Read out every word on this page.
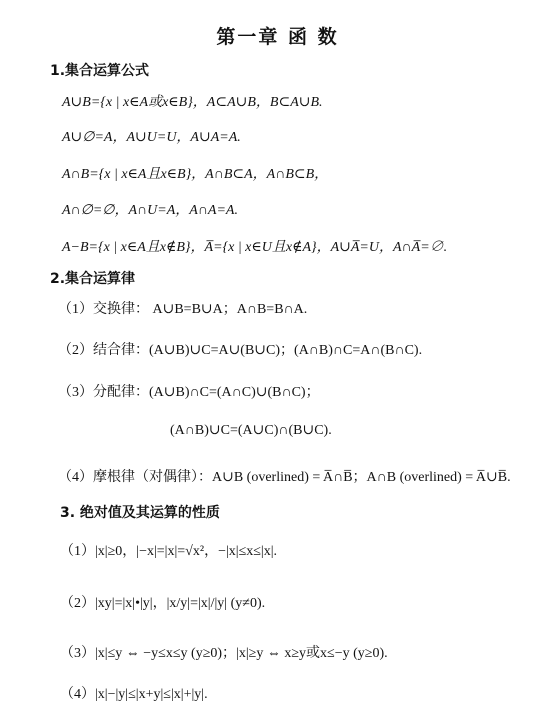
第一章 函 数
1.集合运算公式
A∪B={x | x∈A或x∈B}，A⊂A∪B，B⊂A∪B.
A∪∅=A，A∪U=U，A∪A=A.
A∩B={x | x∈A且x∈B}，A∩B⊂A，A∩B⊂B，
A∩∅=∅，A∩U=A，A∩A=A.
A−B={x | x∈A且x∉B}，A̅={x | x∈U且x∉A}，A∪A̅=U，A∩A̅=∅.
2.集合运算律
（1）交换律： A∪B=B∪A；A∩B=B∩A.
（2）结合律：(A∪B)∪C=A∪(B∪C)；(A∩B)∩C=A∩(B∩C).
（3）分配律：(A∪B)∩C=(A∩C)∪(B∩C)；
(A∩B)∪C=(A∪C)∩(B∪C).
（4）摩根律（对偶律）：A∪B (overlined) = A̅∩B̅；A∩B (overlined) = A̅∪B̅.
3. 绝对值及其运算的性质
（1）|x|≥0，|−x|=|x|=√x²，−|x|≤x≤|x|.
（2）|xy|=|x|•|y|，|x/y|=|x|/|y| (y≠0).
（3）|x|≤y ⇔ −y≤x≤y (y≥0)；|x|≥y ⇔ x≥y或x≤−y (y≥0).
（4）|x|−|y|≤|x+y|≤|x|+|y|.
